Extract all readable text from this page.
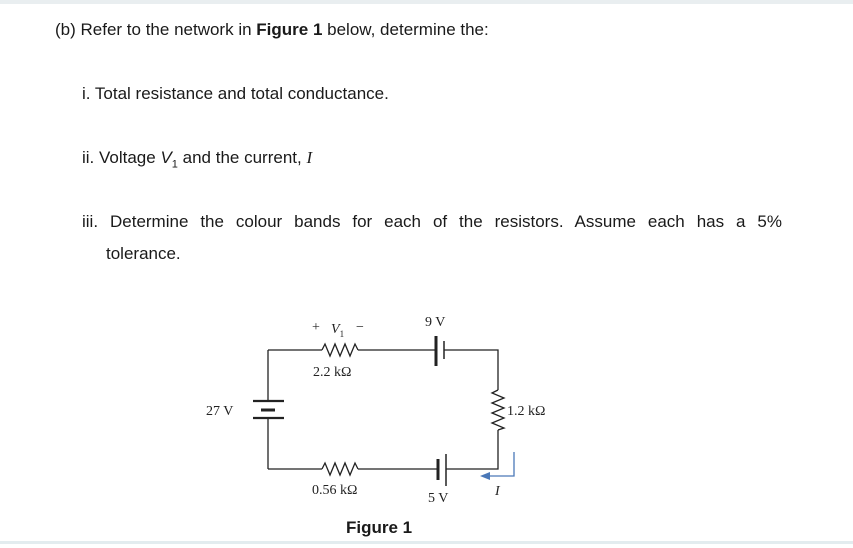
(b) Refer to the network in Figure 1 below, determine the:
i. Total resistance and total conductance.
ii. Voltage $V_1$ and the current, I
iii. Determine the colour bands for each of the resistors. Assume each has a 5%
tolerance.
+ $V_1$ −
2.2 kΩ
9 V
27 V	1.2 kΩ
0.56 kΩ
5 V	I
Figure 1
